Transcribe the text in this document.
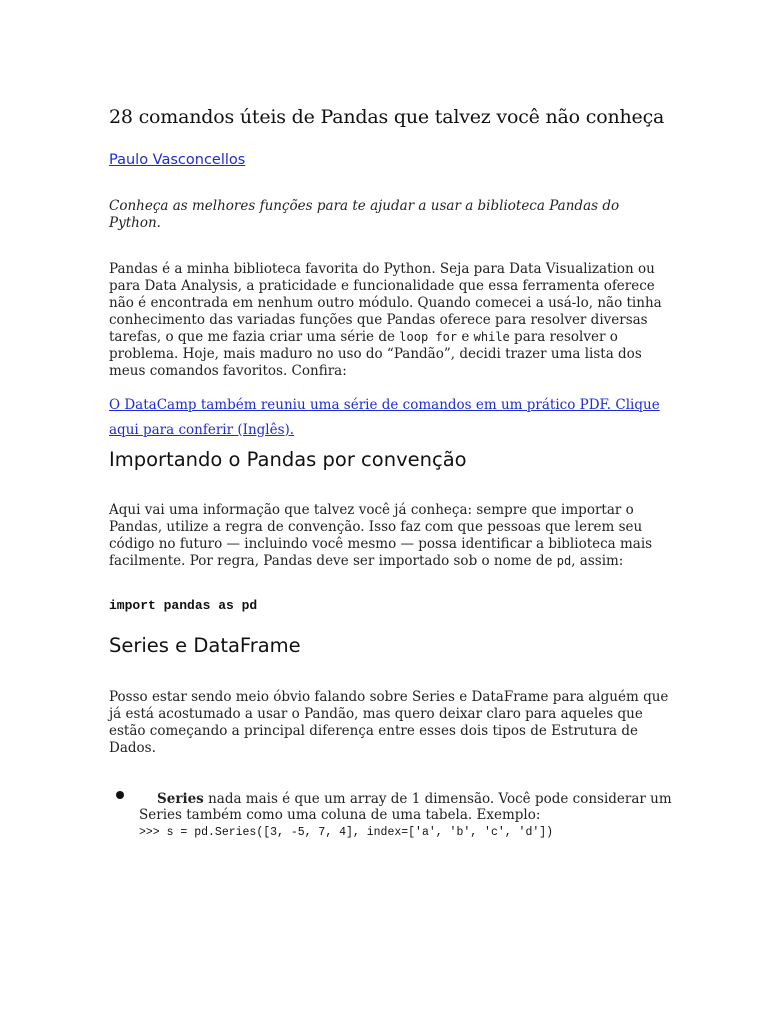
28 comandos úteis de Pandas que talvez você não conheça
Paulo Vasconcellos
Conheça as melhores funções para te ajudar a usar a biblioteca Pandas do Python.
Pandas é a minha biblioteca favorita do Python. Seja para Data Visualization ou para Data Analysis, a praticidade e funcionalidade que essa ferramenta oferece não é encontrada em nenhum outro módulo. Quando comecei a usá-lo, não tinha conhecimento das variadas funções que Pandas oferece para resolver diversas tarefas, o que me fazia criar uma série de loop for e while para resolver o problema. Hoje, mais maduro no uso do “Pandão”, decidi trazer uma lista dos meus comandos favoritos. Confira:
O DataCamp também reuniu uma série de comandos em um prático PDF. Clique aqui para conferir (Inglês).
Importando o Pandas por convenção
Aqui vai uma informação que talvez você já conheça: sempre que importar o Pandas, utilize a regra de convenção. Isso faz com que pessoas que lerem seu código no futuro — incluindo você mesmo — possa identificar a biblioteca mais facilmente. Por regra, Pandas deve ser importado sob o nome de pd, assim:
import pandas as pd
Series e DataFrame
Posso estar sendo meio óbvio falando sobre Series e DataFrame para alguém que já está acostumado a usar o Pandão, mas quero deixar claro para aqueles que estão começando a principal diferença entre esses dois tipos de Estrutura de Dados.
Series nada mais é que um array de 1 dimensão. Você pode considerar um Series também como uma coluna de uma tabela. Exemplo:
>>> s = pd.Series([3, -5, 7, 4], index=['a', 'b', 'c', 'd'])
